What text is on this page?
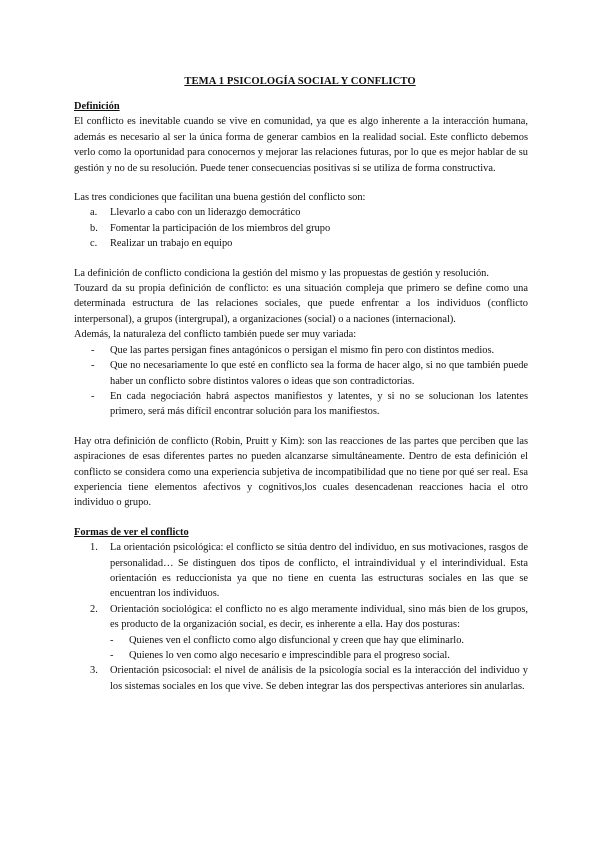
TEMA 1 PSICOLOGÍA SOCIAL Y CONFLICTO

Definición

El conflicto es inevitable cuando se vive en comunidad, ya que es algo inherente a la interacción humana, además es necesario al ser la única forma de generar cambios en la realidad social. Este conflicto debemos verlo como la oportunidad para conocernos y mejorar las relaciones futuras, por lo que es mejor hablar de su gestión y no de su resolución. Puede tener consecuencias positivas si se utiliza de forma constructiva.

Las tres condiciones que facilitan una buena gestión del conflicto son:

a. Llevarlo a cabo con un liderazgo democrático
b. Fomentar la participación de los miembros del grupo
c. Realizar un trabajo en equipo

La definición de conflicto condiciona la gestión del mismo y las propuestas de gestión y resolución.

Touzard da su propia definición de conflicto: es una situación compleja que primero se define como una determinada estructura de las relaciones sociales, que puede enfrentar a los individuos (conflicto interpersonal), a grupos (intergrupal), a organizaciones (social) o a naciones (internacional).

Además, la naturaleza del conflicto también puede ser muy variada:

- Que las partes persigan fines antagónicos o persigan el mismo fin pero con distintos medios.
- Que no necesariamente lo que esté en conflicto sea la forma de hacer algo, si no que también puede haber un conflicto sobre distintos valores o ideas que son contradictorias.
- En cada negociación habrá aspectos manifiestos y latentes, y si no se solucionan los latentes primero, será más difícil encontrar solución para los manifiestos.

Hay otra definición de conflicto (Robin, Pruitt y Kim): son las reacciones de las partes que perciben que las aspiraciones de esas diferentes partes no pueden alcanzarse simultáneamente. Dentro de esta definición el conflicto se considera como una experiencia subjetiva de incompatibilidad que no tiene por qué ser real. Esa experiencia tiene elementos afectivos y cognitivos,los cuales desencadenan reacciones hacia el otro individuo o grupo.

Formas de ver el conflicto

1. La orientación psicológica: el conflicto se sitúa dentro del individuo, en sus motivaciones, rasgos de personalidad… Se distinguen dos tipos de conflicto, el intraindividual y el interindividual. Esta orientación es reduccionista ya que no tiene en cuenta las estructuras sociales en las que se encuentran los individuos.
2. Orientación sociológica: el conflicto no es algo meramente individual, sino más bien de los grupos, es producto de la organización social, es decir, es inherente a ella. Hay dos posturas:
- Quienes ven el conflicto como algo disfuncional y creen que hay que eliminarlo.
- Quienes lo ven como algo necesario e imprescindible para el progreso social.
3. Orientación psicosocial: el nivel de análisis de la psicología social es la interacción del individuo y los sistemas sociales en los que vive. Se deben integrar las dos perspectivas anteriores sin anularlas.
